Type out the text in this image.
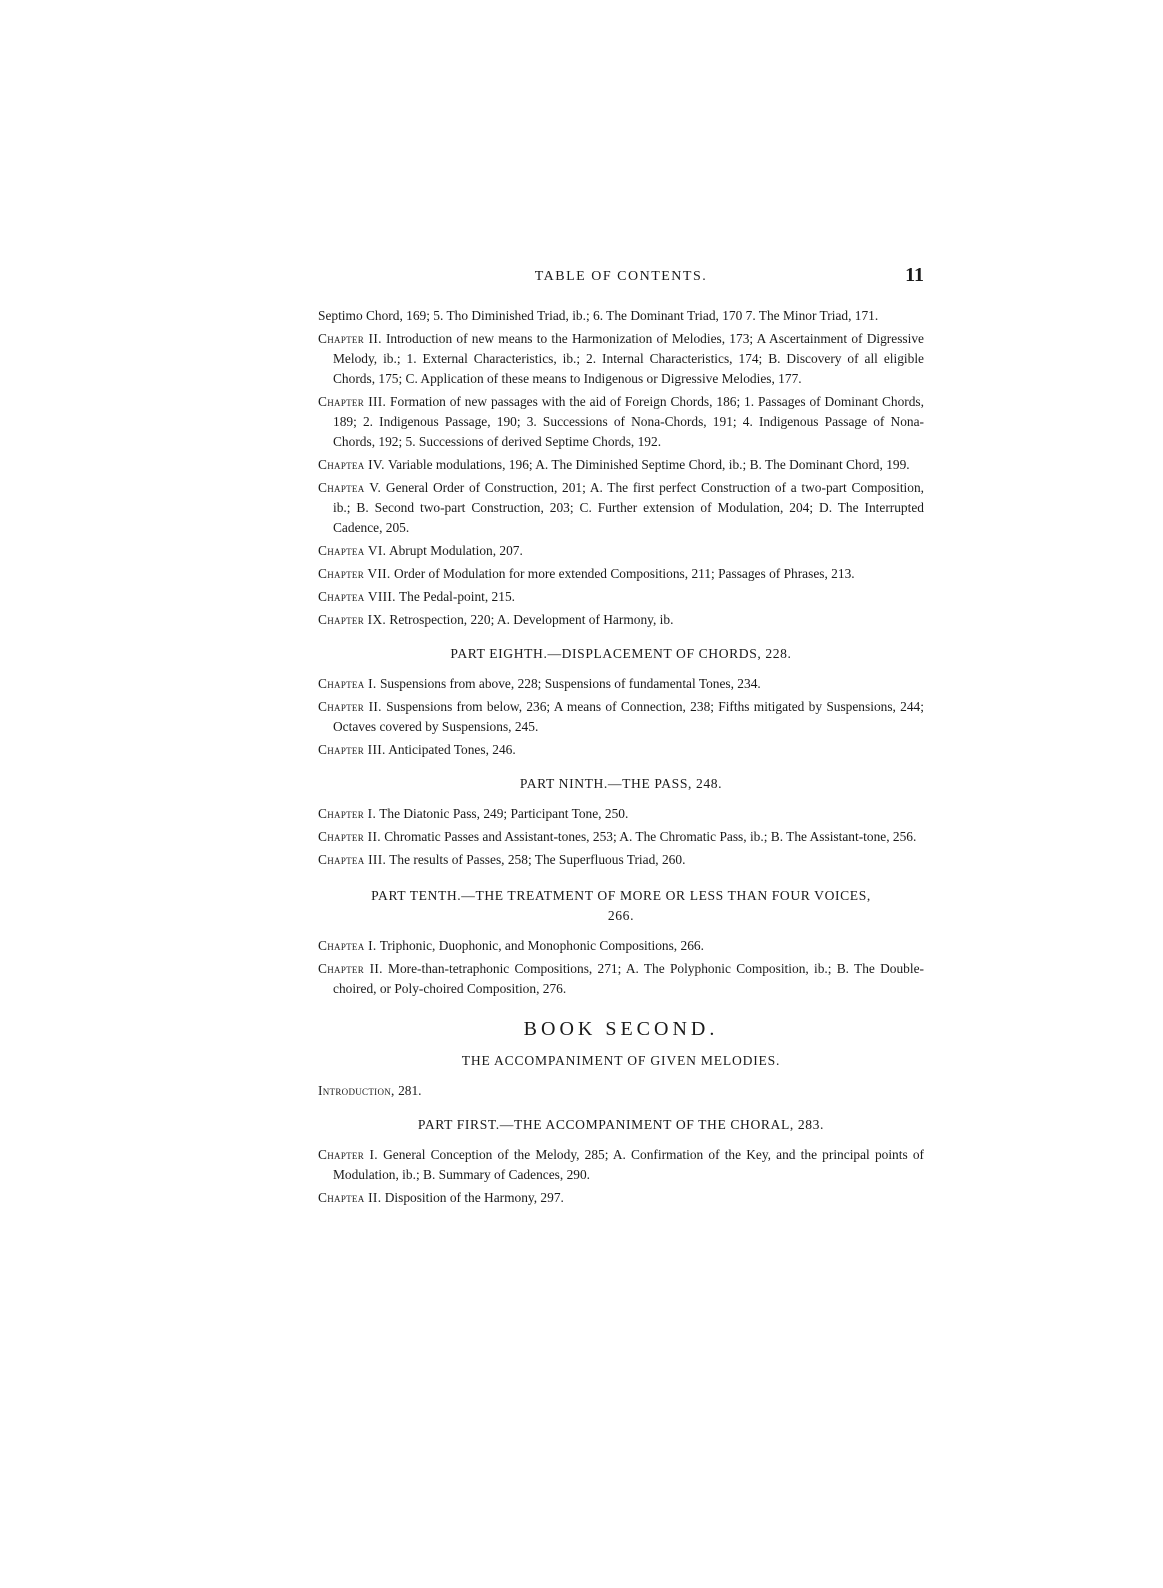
TABLE OF CONTENTS.	11
Septimo Chord, 169; 5. Tho Diminished Triad, ib.; 6. The Dominant Triad, 170 7. The Minor Triad, 171.
Chapter II. Introduction of new means to the Harmonization of Melodies, 173; A Ascertainment of Digressive Melody, ib.; 1. External Characteristics, ib.; 2. Internal Characteristics, 174; B. Discovery of all eligible Chords, 175; C. Application of these means to Indigenous or Digressive Melodies, 177.
Chapter III. Formation of new passages with the aid of Foreign Chords, 186; 1. Passages of Dominant Chords, 189; 2. Indigenous Passage, 190; 3. Successions of Nona-Chords, 191; 4. Indigenous Passage of Nona-Chords, 192; 5. Successions of derived Septime Chords, 192.
Chaptea IV. Variable modulations, 196; A. The Diminished Septime Chord, ib.; B. The Dominant Chord, 199.
Chaptea V. General Order of Construction, 201; A. The first perfect Construction of a two-part Composition, ib.; B. Second two-part Construction, 203; C. Further extension of Modulation, 204; D. The Interrupted Cadence, 205.
Chaptea VI. Abrupt Modulation, 207.
Chapter VII. Order of Modulation for more extended Compositions, 211; Passages of Phrases, 213.
Chaptea VIII. The Pedal-point, 215.
Chapter IX. Retrospection, 220; A. Development of Harmony, ib.
PART EIGHTH.—DISPLACEMENT OF CHORDS, 228.
Chaptea I. Suspensions from above, 228; Suspensions of fundamental Tones, 234.
Chapter II. Suspensions from below, 236; A means of Connection, 238; Fifths mitigated by Suspensions, 244; Octaves covered by Suspensions, 245.
Chapter III. Anticipated Tones, 246.
PART NINTH.—THE PASS, 248.
Chapter I. The Diatonic Pass, 249; Participant Tone, 250.
Chapter II. Chromatic Passes and Assistant-tones, 253; A. The Chromatic Pass, ib.; B. The Assistant-tone, 256.
Chaptea III. The results of Passes, 258; The Superfluous Triad, 260.
PART TENTH.—THE TREATMENT OF MORE OR LESS THAN FOUR VOICES, 266.
Chaptea I. Triphonic, Duophonic, and Monophonic Compositions, 266.
Chapter II. More-than-tetraphonic Compositions, 271; A. The Polyphonic Composition, ib.; B. The Double-choired, or Poly-choired Composition, 276.
BOOK SECOND.
THE ACCOMPANIMENT OF GIVEN MELODIES.
Introduction, 281.
PART FIRST.—THE ACCOMPANIMENT OF THE CHORAL, 283.
Chapter I. General Conception of the Melody, 285; A. Confirmation of the Key, and the principal points of Modulation, ib.; B. Summary of Cadences, 290.
Chaptea II. Disposition of the Harmony, 297.
